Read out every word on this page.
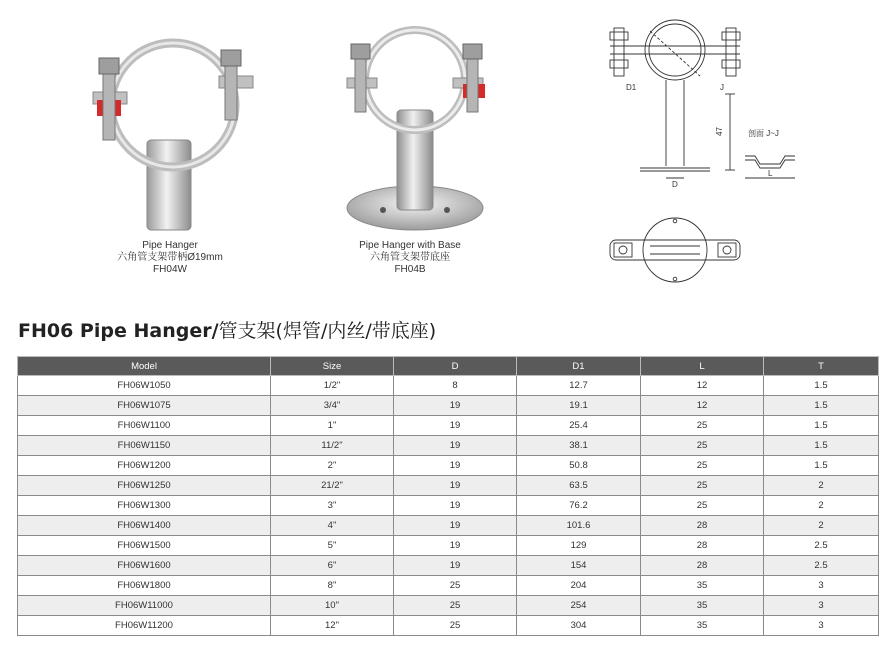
Pipe Hanger
六角管支架带柄Ø19mm
FH04W
Pipe Hanger with Base
六角管支架带底座
FH04B
D1	J
47
D
剖面 J~J
L
FH06 Pipe Hanger/管支架(焊管/内丝/带底座)
Model	Size	D	D1	L	T
FH06W1050	1/2"	8	12.7	12	1.5
FH06W1075	3/4"	19	19.1	12	1.5
FH06W1100	1"	19	25.4	25	1.5
FH06W1150	11/2"	19	38.1	25	1.5
FH06W1200	2"	19	50.8	25	1.5
FH06W1250	21/2"	19	63.5	25	2
FH06W1300	3"	19	76.2	25	2
FH06W1400	4"	19	101.6	28	2
FH06W1500	5"	19	129	28	2.5
FH06W1600	6"	19	154	28	2.5
FH06W1800	8"	25	204	35	3
FH06W11000	10"	25	254	35	3
FH06W11200	12"	25	304	35	3
